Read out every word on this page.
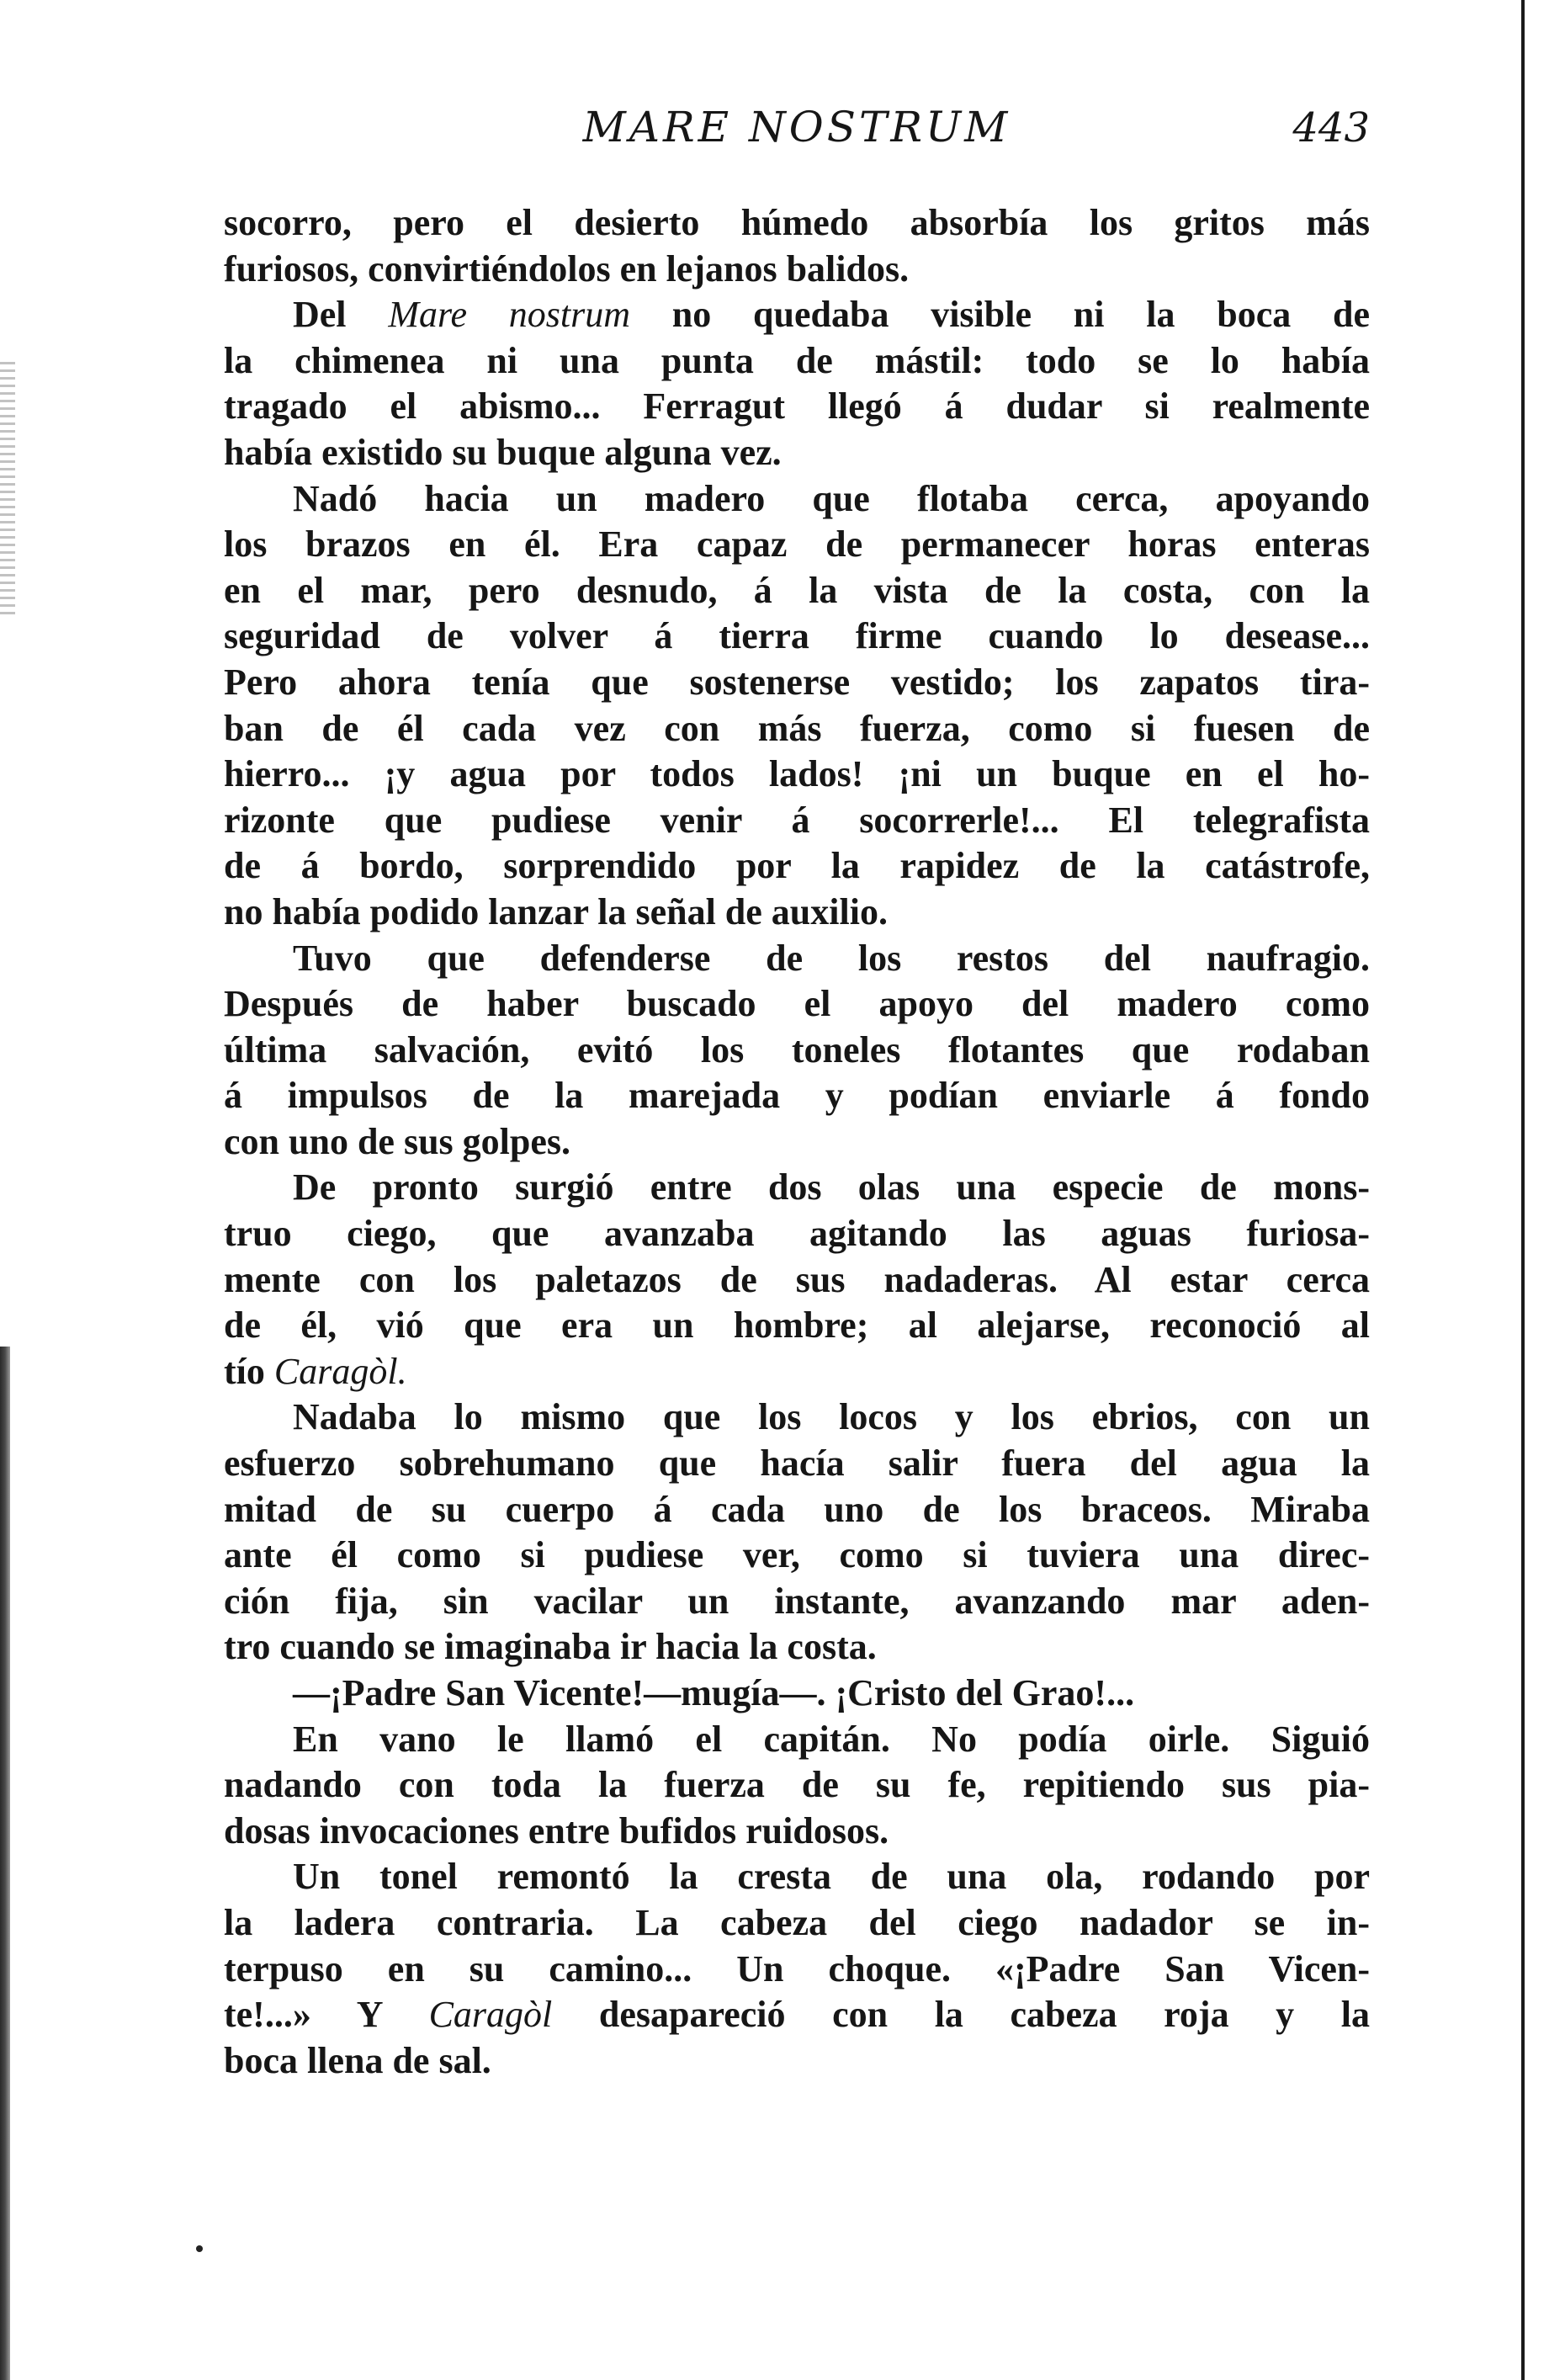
MARE NOSTRUM	443
socorro, pero el desierto húmedo absorbía los gritos más
furiosos, convirtiéndolos en lejanos balidos.
Del Mare nostrum no quedaba visible ni la boca de
la chimenea ni una punta de mástil: todo se lo había
tragado el abismo... Ferragut llegó á dudar si realmente
había existido su buque alguna vez.
Nadó hacia un madero que flotaba cerca, apoyando
los brazos en él. Era capaz de permanecer horas enteras
en el mar, pero desnudo, á la vista de la costa, con la
seguridad de volver á tierra firme cuando lo desease...
Pero ahora tenía que sostenerse vestido; los zapatos tira-
ban de él cada vez con más fuerza, como si fuesen de
hierro... ¡y agua por todos lados! ¡ni un buque en el ho-
rizonte que pudiese venir á socorrerle!... El telegrafista
de á bordo, sorprendido por la rapidez de la catástrofe,
no había podido lanzar la señal de auxilio.
Tuvo que defenderse de los restos del naufragio.
Después de haber buscado el apoyo del madero como
última salvación, evitó los toneles flotantes que rodaban
á impulsos de la marejada y podían enviarle á fondo
con uno de sus golpes.
De pronto surgió entre dos olas una especie de mons-
truo ciego, que avanzaba agitando las aguas furiosa-
mente con los paletazos de sus nadaderas. Al estar cerca
de él, vió que era un hombre; al alejarse, reconoció al
tío Caragòl.
Nadaba lo mismo que los locos y los ebrios, con un
esfuerzo sobrehumano que hacía salir fuera del agua la
mitad de su cuerpo á cada uno de los braceos. Miraba
ante él como si pudiese ver, como si tuviera una direc-
ción fija, sin vacilar un instante, avanzando mar aden-
tro cuando se imaginaba ir hacia la costa.
—¡Padre San Vicente!—mugía—. ¡Cristo del Grao!...
En vano le llamó el capitán. No podía oirle. Siguió
nadando con toda la fuerza de su fe, repitiendo sus pia-
dosas invocaciones entre bufidos ruidosos.
Un tonel remontó la cresta de una ola, rodando por
la ladera contraria. La cabeza del ciego nadador se in-
terpuso en su camino... Un choque. «¡Padre San Vicen-
te!...» Y Caragòl desapareció con la cabeza roja y la
boca llena de sal.
